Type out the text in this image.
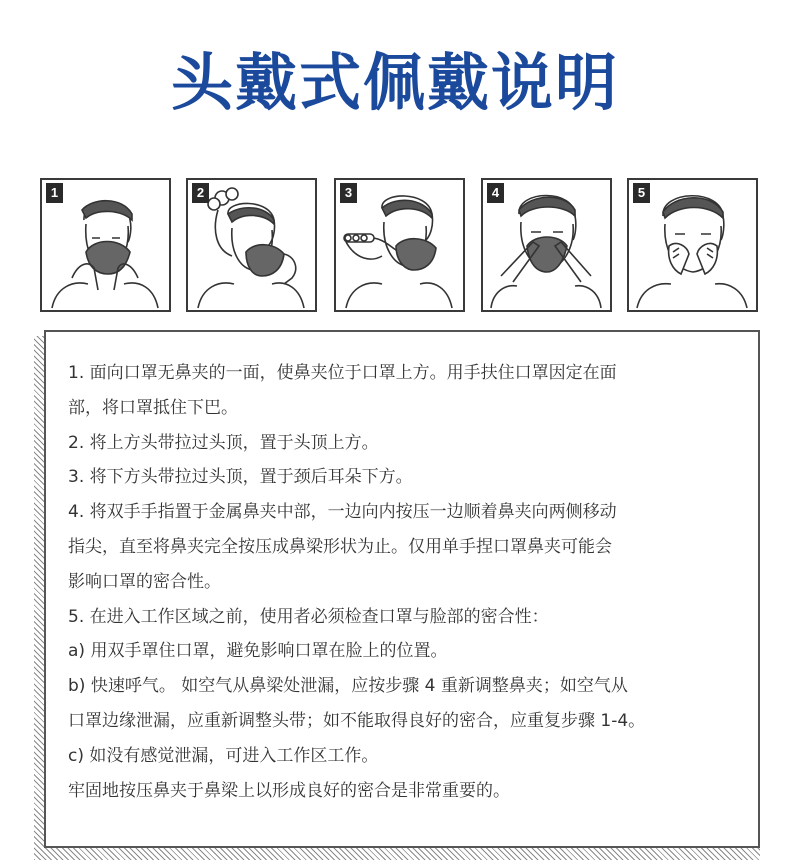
头戴式佩戴说明
1	2	3	4	5

1. 面向口罩无鼻夹的一面，使鼻夹位于口罩上方。用手扶住口罩因定在面

部，将口罩抵住下巴。

2. 将上方头带拉过头顶，置于头顶上方。

3. 将下方头带拉过头顶，置于颈后耳朵下方。

4. 将双手手指置于金属鼻夹中部，一边向内按压一边顺着鼻夹向两侧移动

指尖，直至将鼻夹完全按压成鼻梁形状为止。仅用单手捏口罩鼻夹可能会

影响口罩的密合性。

5. 在进入工作区域之前，使用者必须检查口罩与脸部的密合性：

a) 用双手罩住口罩，避免影响口罩在脸上的位置。

b) 快速呼气。 如空气从鼻梁处泄漏，应按步骤 4 重新调整鼻夹；如空气从

口罩边缘泄漏，应重新调整头带；如不能取得良好的密合，应重复步骤 1-4。

c) 如没有感觉泄漏，可进入工作区工作。

牢固地按压鼻夹于鼻梁上以形成良好的密合是非常重要的。
